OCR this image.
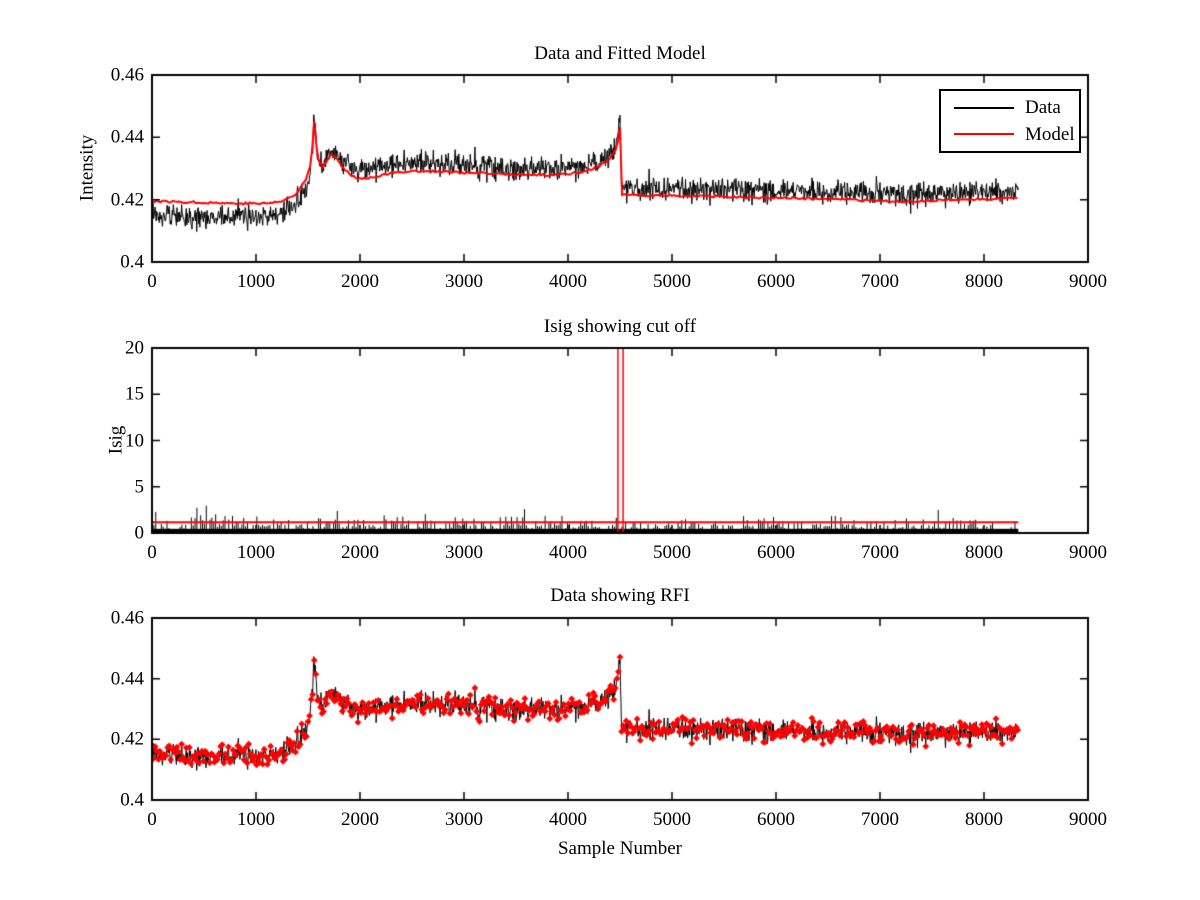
Data and Fitted Model
Intensity
Data
Model
Isig showing cut off
Isig
Data showing RFI
Sample Number
0	1000	2000	3000	4000	5000	6000	7000	8000	9000
0.4
0.42
0.44
0.46
0	1000	2000	3000	4000	5000	6000	7000	8000	9000
0
5
10
15
20
0	1000	2000	3000	4000	5000	6000	7000	8000	9000
0.4
0.42
0.44
0.46
